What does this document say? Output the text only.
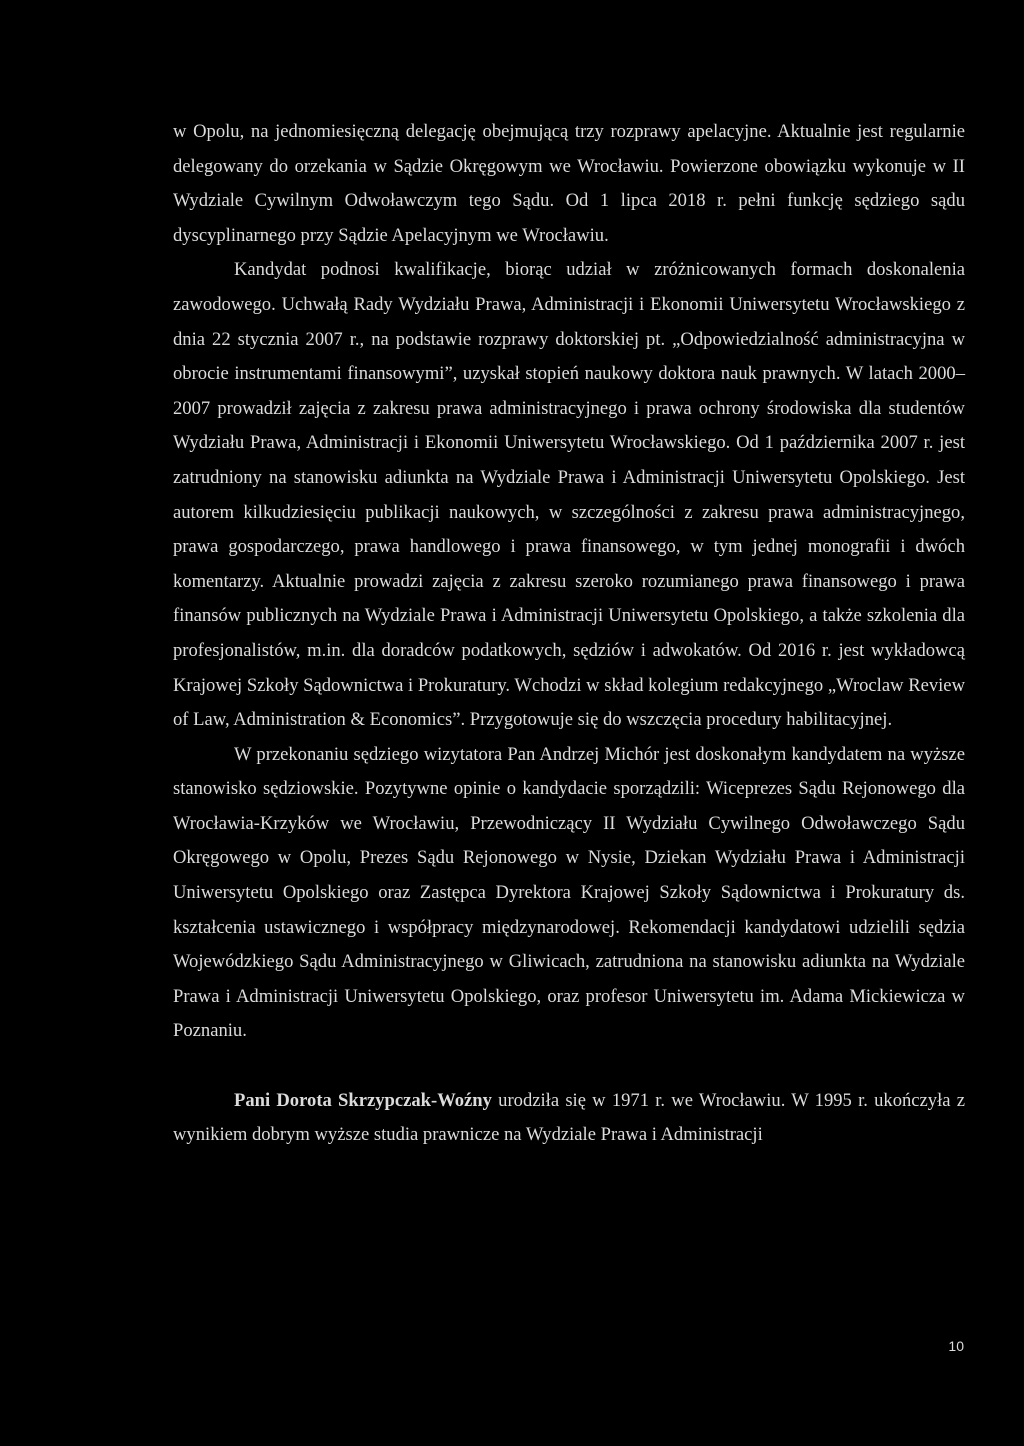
w Opolu, na jednomiesięczną delegację obejmującą trzy rozprawy apelacyjne. Aktualnie jest regularnie delegowany do orzekania w Sądzie Okręgowym we Wrocławiu. Powierzone obowiązku wykonuje w II Wydziale Cywilnym Odwoławczym tego Sądu. Od 1 lipca 2018 r. pełni funkcję sędziego sądu dyscyplinarnego przy Sądzie Apelacyjnym we Wrocławiu.

Kandydat podnosi kwalifikacje, biorąc udział w zróżnicowanych formach doskonalenia zawodowego. Uchwałą Rady Wydziału Prawa, Administracji i Ekonomii Uniwersytetu Wrocławskiego z dnia 22 stycznia 2007 r., na podstawie rozprawy doktorskiej pt. „Odpowiedzialność administracyjna w obrocie instrumentami finansowymi”, uzyskał stopień naukowy doktora nauk prawnych. W latach 2000–2007 prowadził zajęcia z zakresu prawa administracyjnego i prawa ochrony środowiska dla studentów Wydziału Prawa, Administracji i Ekonomii Uniwersytetu Wrocławskiego. Od 1 października 2007 r. jest zatrudniony na stanowisku adiunkta na Wydziale Prawa i Administracji Uniwersytetu Opolskiego. Jest autorem kilkudziesięciu publikacji naukowych, w szczególności z zakresu prawa administracyjnego, prawa gospodarczego, prawa handlowego i prawa finansowego, w tym jednej monografii i dwóch komentarzy. Aktualnie prowadzi zajęcia z zakresu szeroko rozumianego prawa finansowego i prawa finansów publicznych na Wydziale Prawa i Administracji Uniwersytetu Opolskiego, a także szkolenia dla profesjonalistów, m.in. dla doradców podatkowych, sędziów i adwokatów. Od 2016 r. jest wykładowcą Krajowej Szkoły Sądownictwa i Prokuratury. Wchodzi w skład kolegium redakcyjnego „Wroclaw Review of Law, Administration & Economics”. Przygotowuje się do wszczęcia procedury habilitacyjnej.

W przekonaniu sędziego wizytatora Pan Andrzej Michór jest doskonałym kandydatem na wyższe stanowisko sędziowskie. Pozytywne opinie o kandydacie sporządzili: Wiceprezes Sądu Rejonowego dla Wrocławia-Krzyków we Wrocławiu, Przewodniczący II Wydziału Cywilnego Odwoławczego Sądu Okręgowego w Opolu, Prezes Sądu Rejonowego w Nysie, Dziekan Wydziału Prawa i Administracji Uniwersytetu Opolskiego oraz Zastępca Dyrektora Krajowej Szkoły Sądownictwa i Prokuratury ds. kształcenia ustawicznego i współpracy międzynarodowej. Rekomendacji kandydatowi udzielili sędzia Wojewódzkiego Sądu Administracyjnego w Gliwicach, zatrudniona na stanowisku adiunkta na Wydziale Prawa i Administracji Uniwersytetu Opolskiego, oraz profesor Uniwersytetu im. Adama Mickiewicza w Poznaniu.

Pani Dorota Skrzypczak-Woźny urodziła się w 1971 r. we Wrocławiu. W 1995 r. ukończyła z wynikiem dobrym wyższe studia prawnicze na Wydziale Prawa i Administracji

10
